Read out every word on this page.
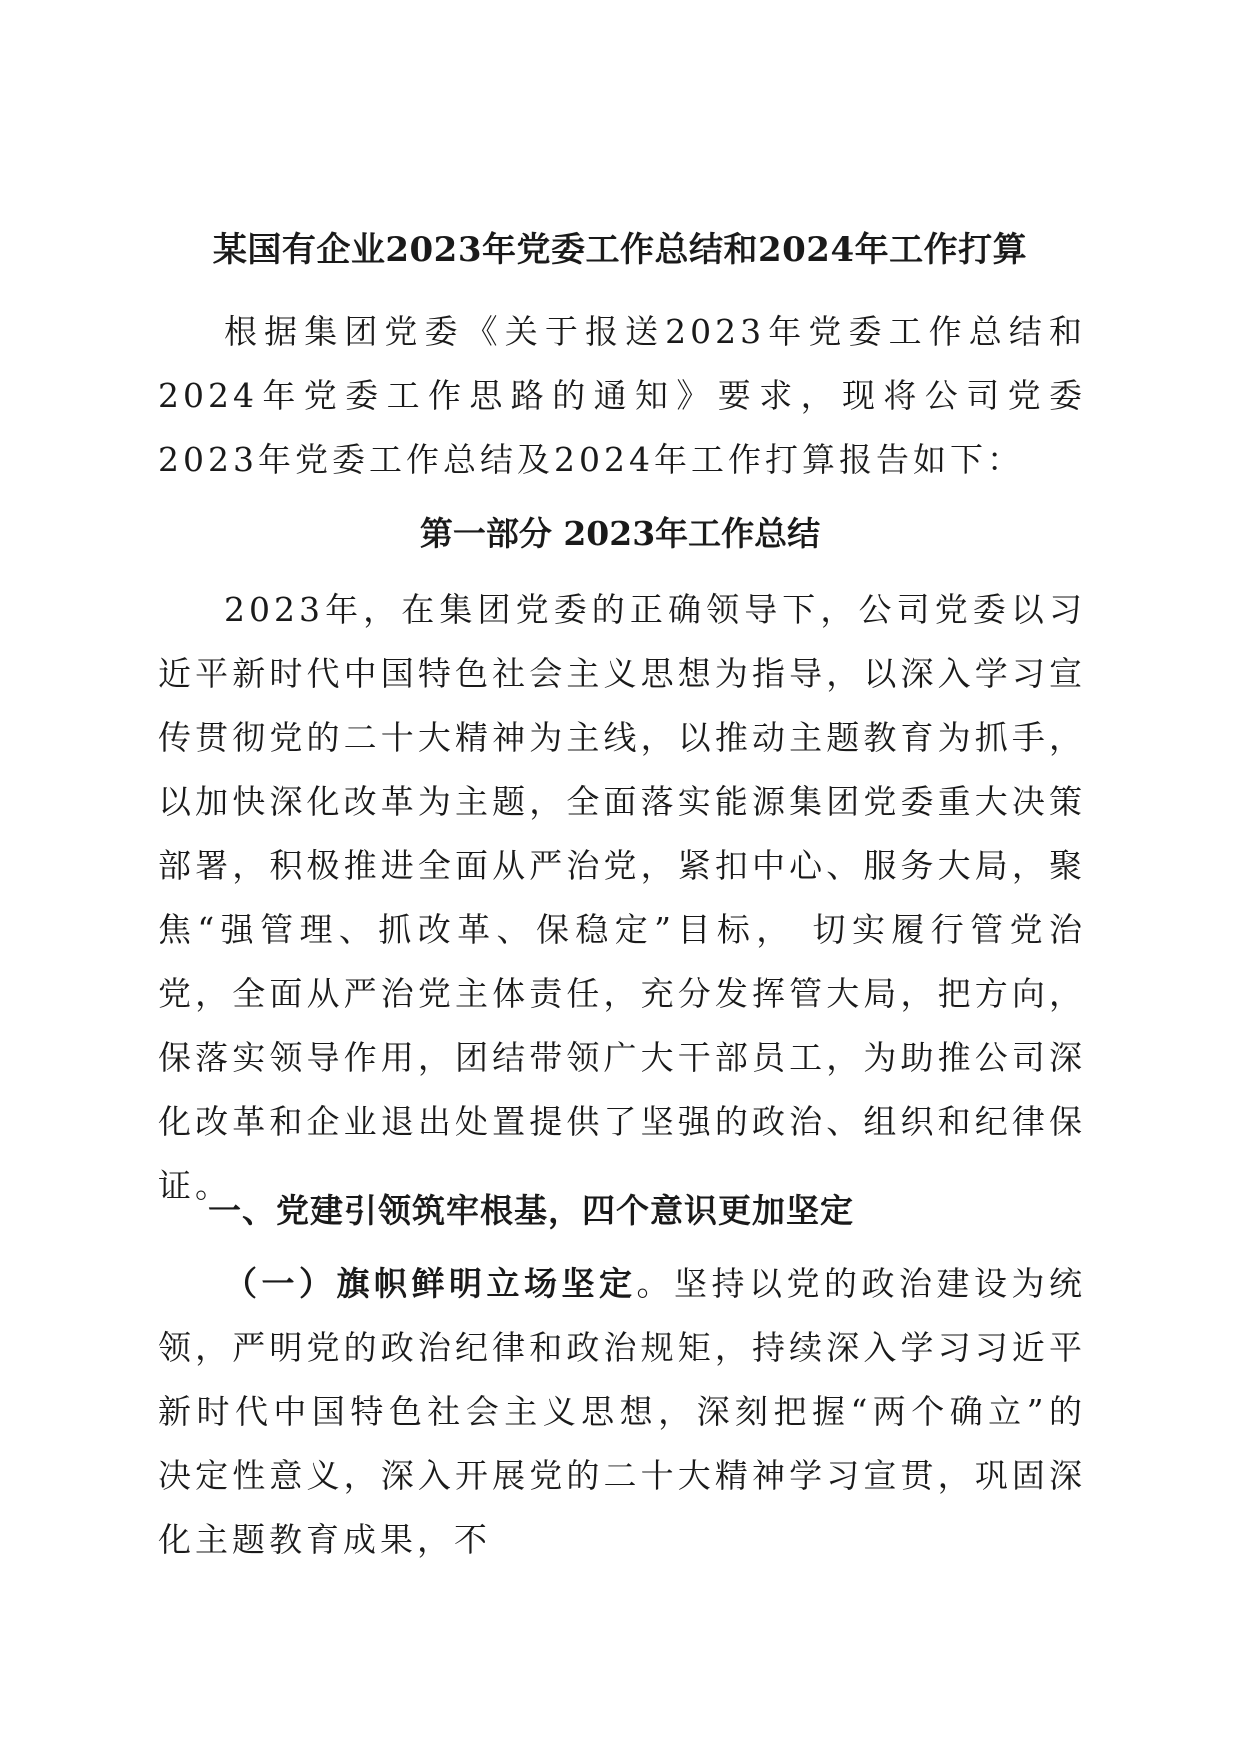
某国有企业2023年党委工作总结和2024年工作打算

根据集团党委《关于报送2023年党委工作总结和2024年党委工作思路的通知》要求，现将公司党委2023年党委工作总结及2024年工作打算报告如下：

第一部分 2023年工作总结

2023年，在集团党委的正确领导下，公司党委以习近平新时代中国特色社会主义思想为指导，以深入学习宣传贯彻党的二十大精神为主线，以推动主题教育为抓手，以加快深化改革为主题，全面落实能源集团党委重大决策部署，积极推进全面从严治党，紧扣中心、服务大局，聚焦“强管理、抓改革、保稳定”目标， 切实履行管党治党，全面从严治党主体责任，充分发挥管大局，把方向，保落实领导作用，团结带领广大干部员工，为助推公司深化改革和企业退出处置提供了坚强的政治、组织和纪律保证。

一、党建引领筑牢根基，四个意识更加坚定

（一）旗帜鲜明立场坚定。坚持以党的政治建设为统领，严明党的政治纪律和政治规矩，持续深入学习习近平新时代中国特色社会主义思想，深刻把握“两个确立”的决定性意义，深入开展党的二十大精神学习宣贯，巩固深化主题教育成果，不
